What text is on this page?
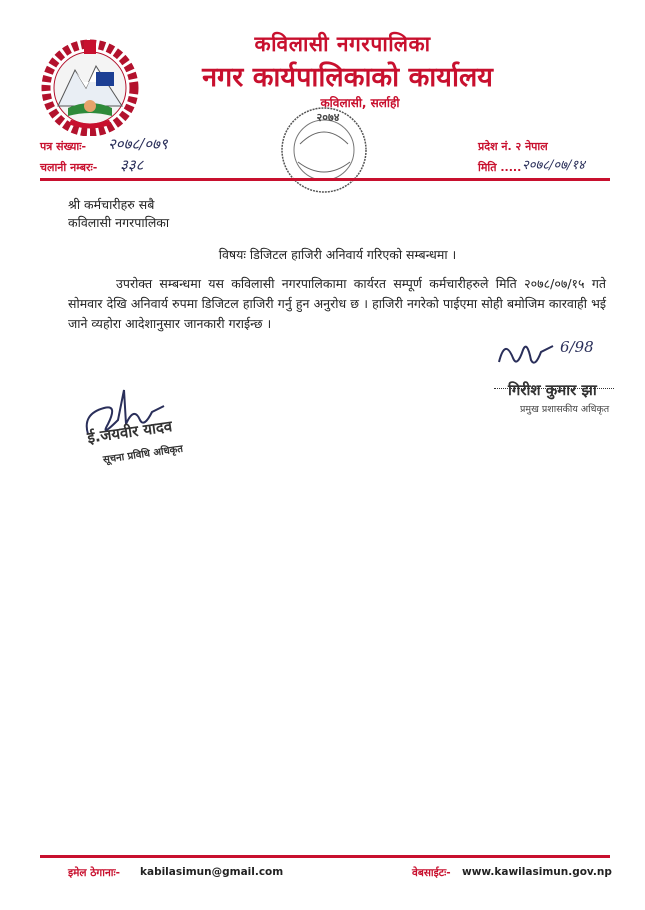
कविलासी नगरपालिका
नगर कार्यपालिकाको कार्यालय
कविलासी, सर्लाही
२०७४
पत्र संख्याः- २०७८/०७९
चलानी नम्बरः- ३३८
प्रदेश नं. २ नेपाल
मिति ..... २०७८/०७/१४
श्री कर्मचारीहरु सबै
कविलासी नगरपालिका
विषयः डिजिटल हाजिरी अनिवार्य गरिएको सम्बन्धमा ।
उपरोक्त सम्बन्धमा यस कविलासी नगरपालिकामा कार्यरत सम्पूर्ण कर्मचारीहरुले मिति २०७८/०७/१५ गते सोमवार देखि अनिवार्य रुपमा डिजिटल हाजिरी गर्नु हुन अनुरोध छ । हाजिरी नगरेको पाईएमा सोही बमोजिम कारवाही भई जाने व्यहोरा आदेशानुसार जानकारी गराईन्छ ।
6/98
गिरीश कुमार झा
प्रमुख प्रशासकीय अधिकृत
ई.जयवीर यादव
सूचना प्रविधि अधिकृत
इमेल ठेगानाः- kabilasimun@gmail.com	वेबसाईटः- www.kawilasimun.gov.np
